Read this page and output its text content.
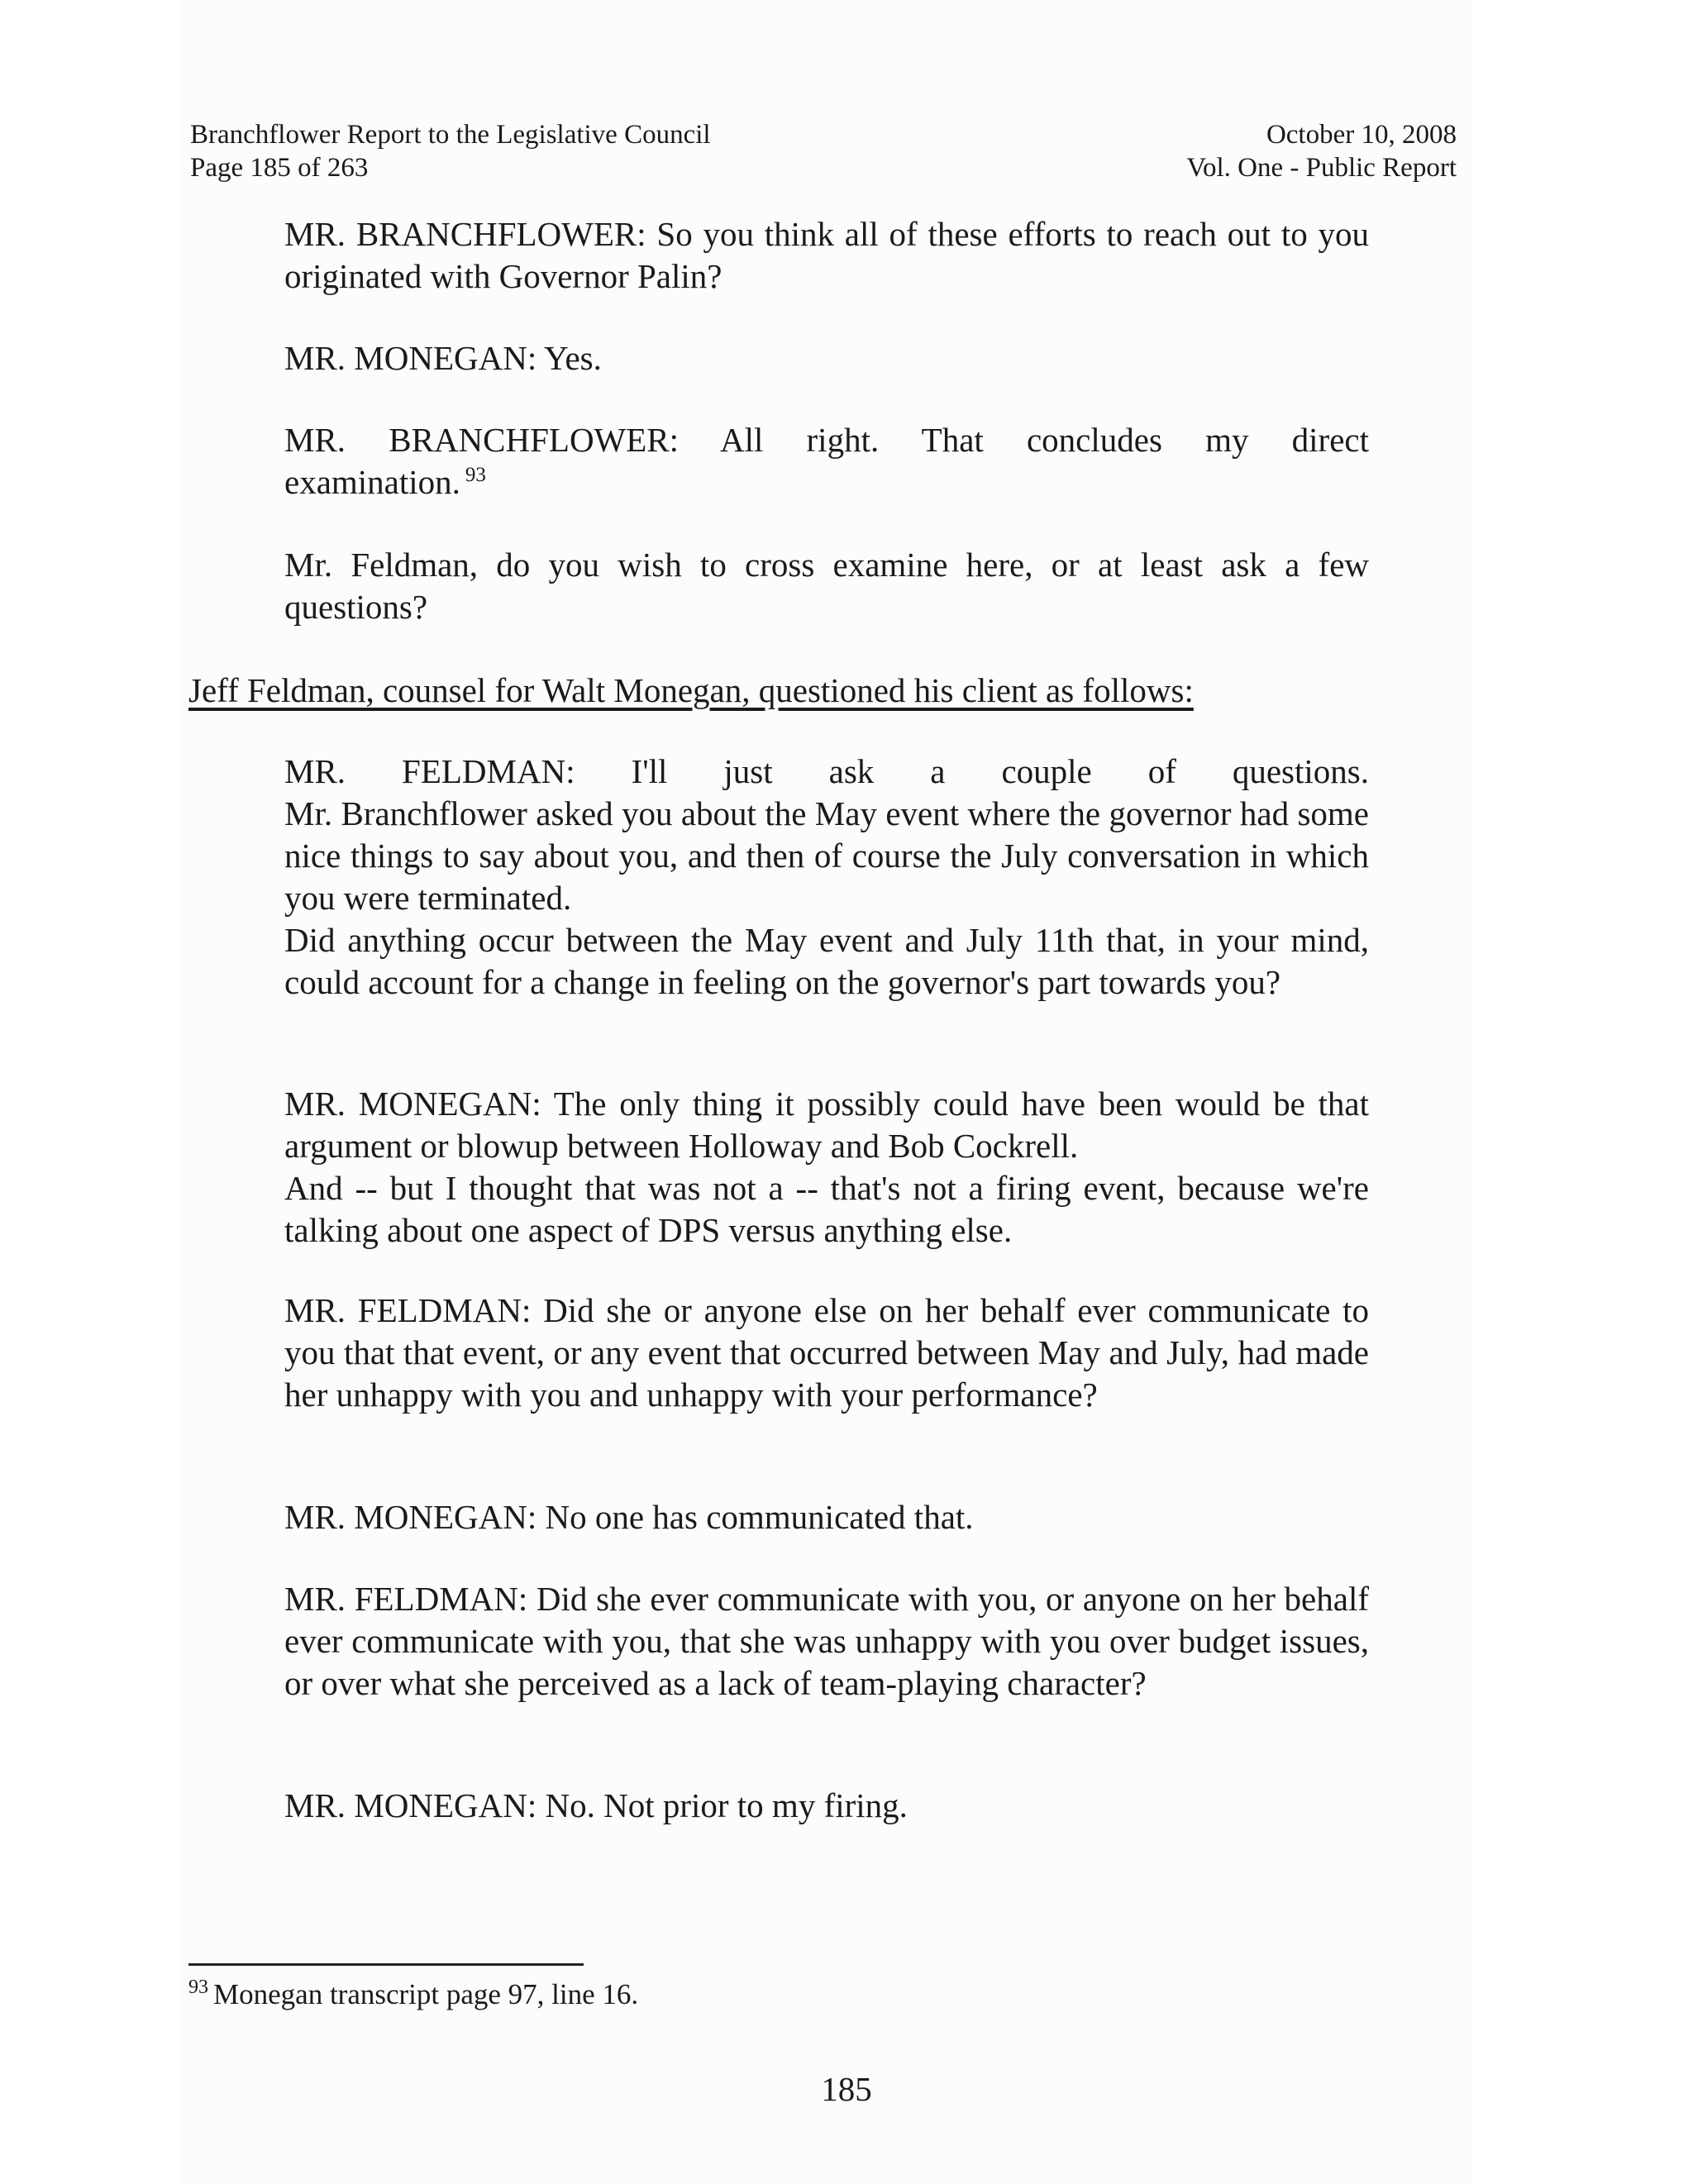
Branchflower Report to the Legislative Council
Page 185 of 263
October 10, 2008
Vol. One - Public Report
MR. BRANCHFLOWER: So you think all of these efforts to reach out to you originated with Governor Palin?
MR. MONEGAN: Yes.
MR. BRANCHFLOWER: All right. That concludes my direct
examination. $^{93}$
Mr. Feldman, do you wish to cross examine here, or at least ask a few questions?
Jeff Feldman, counsel for Walt Monegan, questioned his client as follows:
MR. FELDMAN: I'll just ask a couple of questions.
Mr. Branchflower asked you about the May event where the governor had some nice things to say about you, and then of course the July conversation in which you were terminated.
Did anything occur between the May event and July 11th that, in your mind, could account for a change in feeling on the governor's part towards you?
MR. MONEGAN: The only thing it possibly could have been would be that argument or blowup between Holloway and Bob Cockrell.
And -- but I thought that was not a -- that's not a firing event, because we're talking about one aspect of DPS versus anything else.
MR. FELDMAN: Did she or anyone else on her behalf ever communicate to you that that event, or any event that occurred between May and July, had made her unhappy with you and unhappy with your performance?
MR. MONEGAN: No one has communicated that.
MR. FELDMAN: Did she ever communicate with you, or anyone on her behalf ever communicate with you, that she was unhappy with you over budget issues, or over what she perceived as a lack of team-playing character?
MR. MONEGAN: No. Not prior to my firing.
$^{93}$ Monegan transcript page 97, line 16.
185
